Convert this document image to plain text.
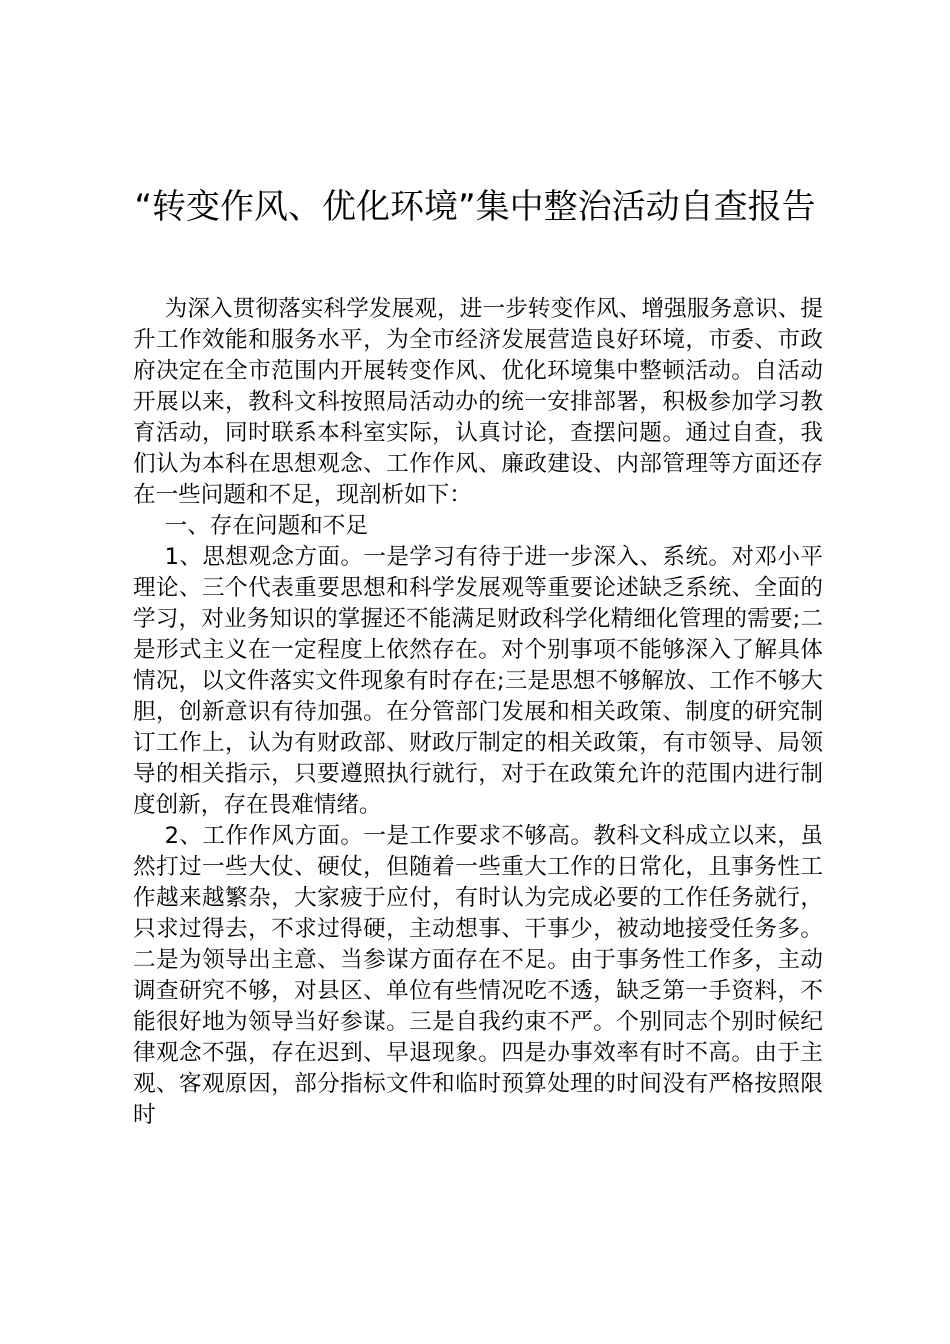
“转变作风、优化环境”集中整治活动自查报告

为深入贯彻落实科学发展观，进一步转变作风、增强服务意识、提升工作效能和服务水平，为全市经济发展营造良好环境，市委、市政府决定在全市范围内开展转变作风、优化环境集中整顿活动。自活动开展以来，教科文科按照局活动办的统一安排部署，积极参加学习教育活动，同时联系本科室实际，认真讨论，查摆问题。通过自查，我们认为本科在思想观念、工作作风、廉政建设、内部管理等方面还存在一些问题和不足，现剖析如下：

一、存在问题和不足

1、思想观念方面。一是学习有待于进一步深入、系统。对邓小平理论、三个代表重要思想和科学发展观等重要论述缺乏系统、全面的学习，对业务知识的掌握还不能满足财政科学化精细化管理的需要;二是形式主义在一定程度上依然存在。对个别事项不能够深入了解具体情况，以文件落实文件现象有时存在;三是思想不够解放、工作不够大胆，创新意识有待加强。在分管部门发展和相关政策、制度的研究制订工作上，认为有财政部、财政厅制定的相关政策，有市领导、局领导的相关指示，只要遵照执行就行，对于在政策允许的范围内进行制度创新，存在畏难情绪。

2、工作作风方面。一是工作要求不够高。教科文科成立以来，虽然打过一些大仗、硬仗，但随着一些重大工作的日常化，且事务性工作越来越繁杂，大家疲于应付，有时认为完成必要的工作任务就行，只求过得去，不求过得硬，主动想事、干事少，被动地接受任务多。二是为领导出主意、当参谋方面存在不足。由于事务性工作多，主动调查研究不够，对县区、单位有些情况吃不透，缺乏第一手资料，不能很好地为领导当好参谋。三是自我约束不严。个别同志个别时候纪律观念不强，存在迟到、早退现象。四是办事效率有时不高。由于主观、客观原因，部分指标文件和临时预算处理的时间没有严格按照限时
